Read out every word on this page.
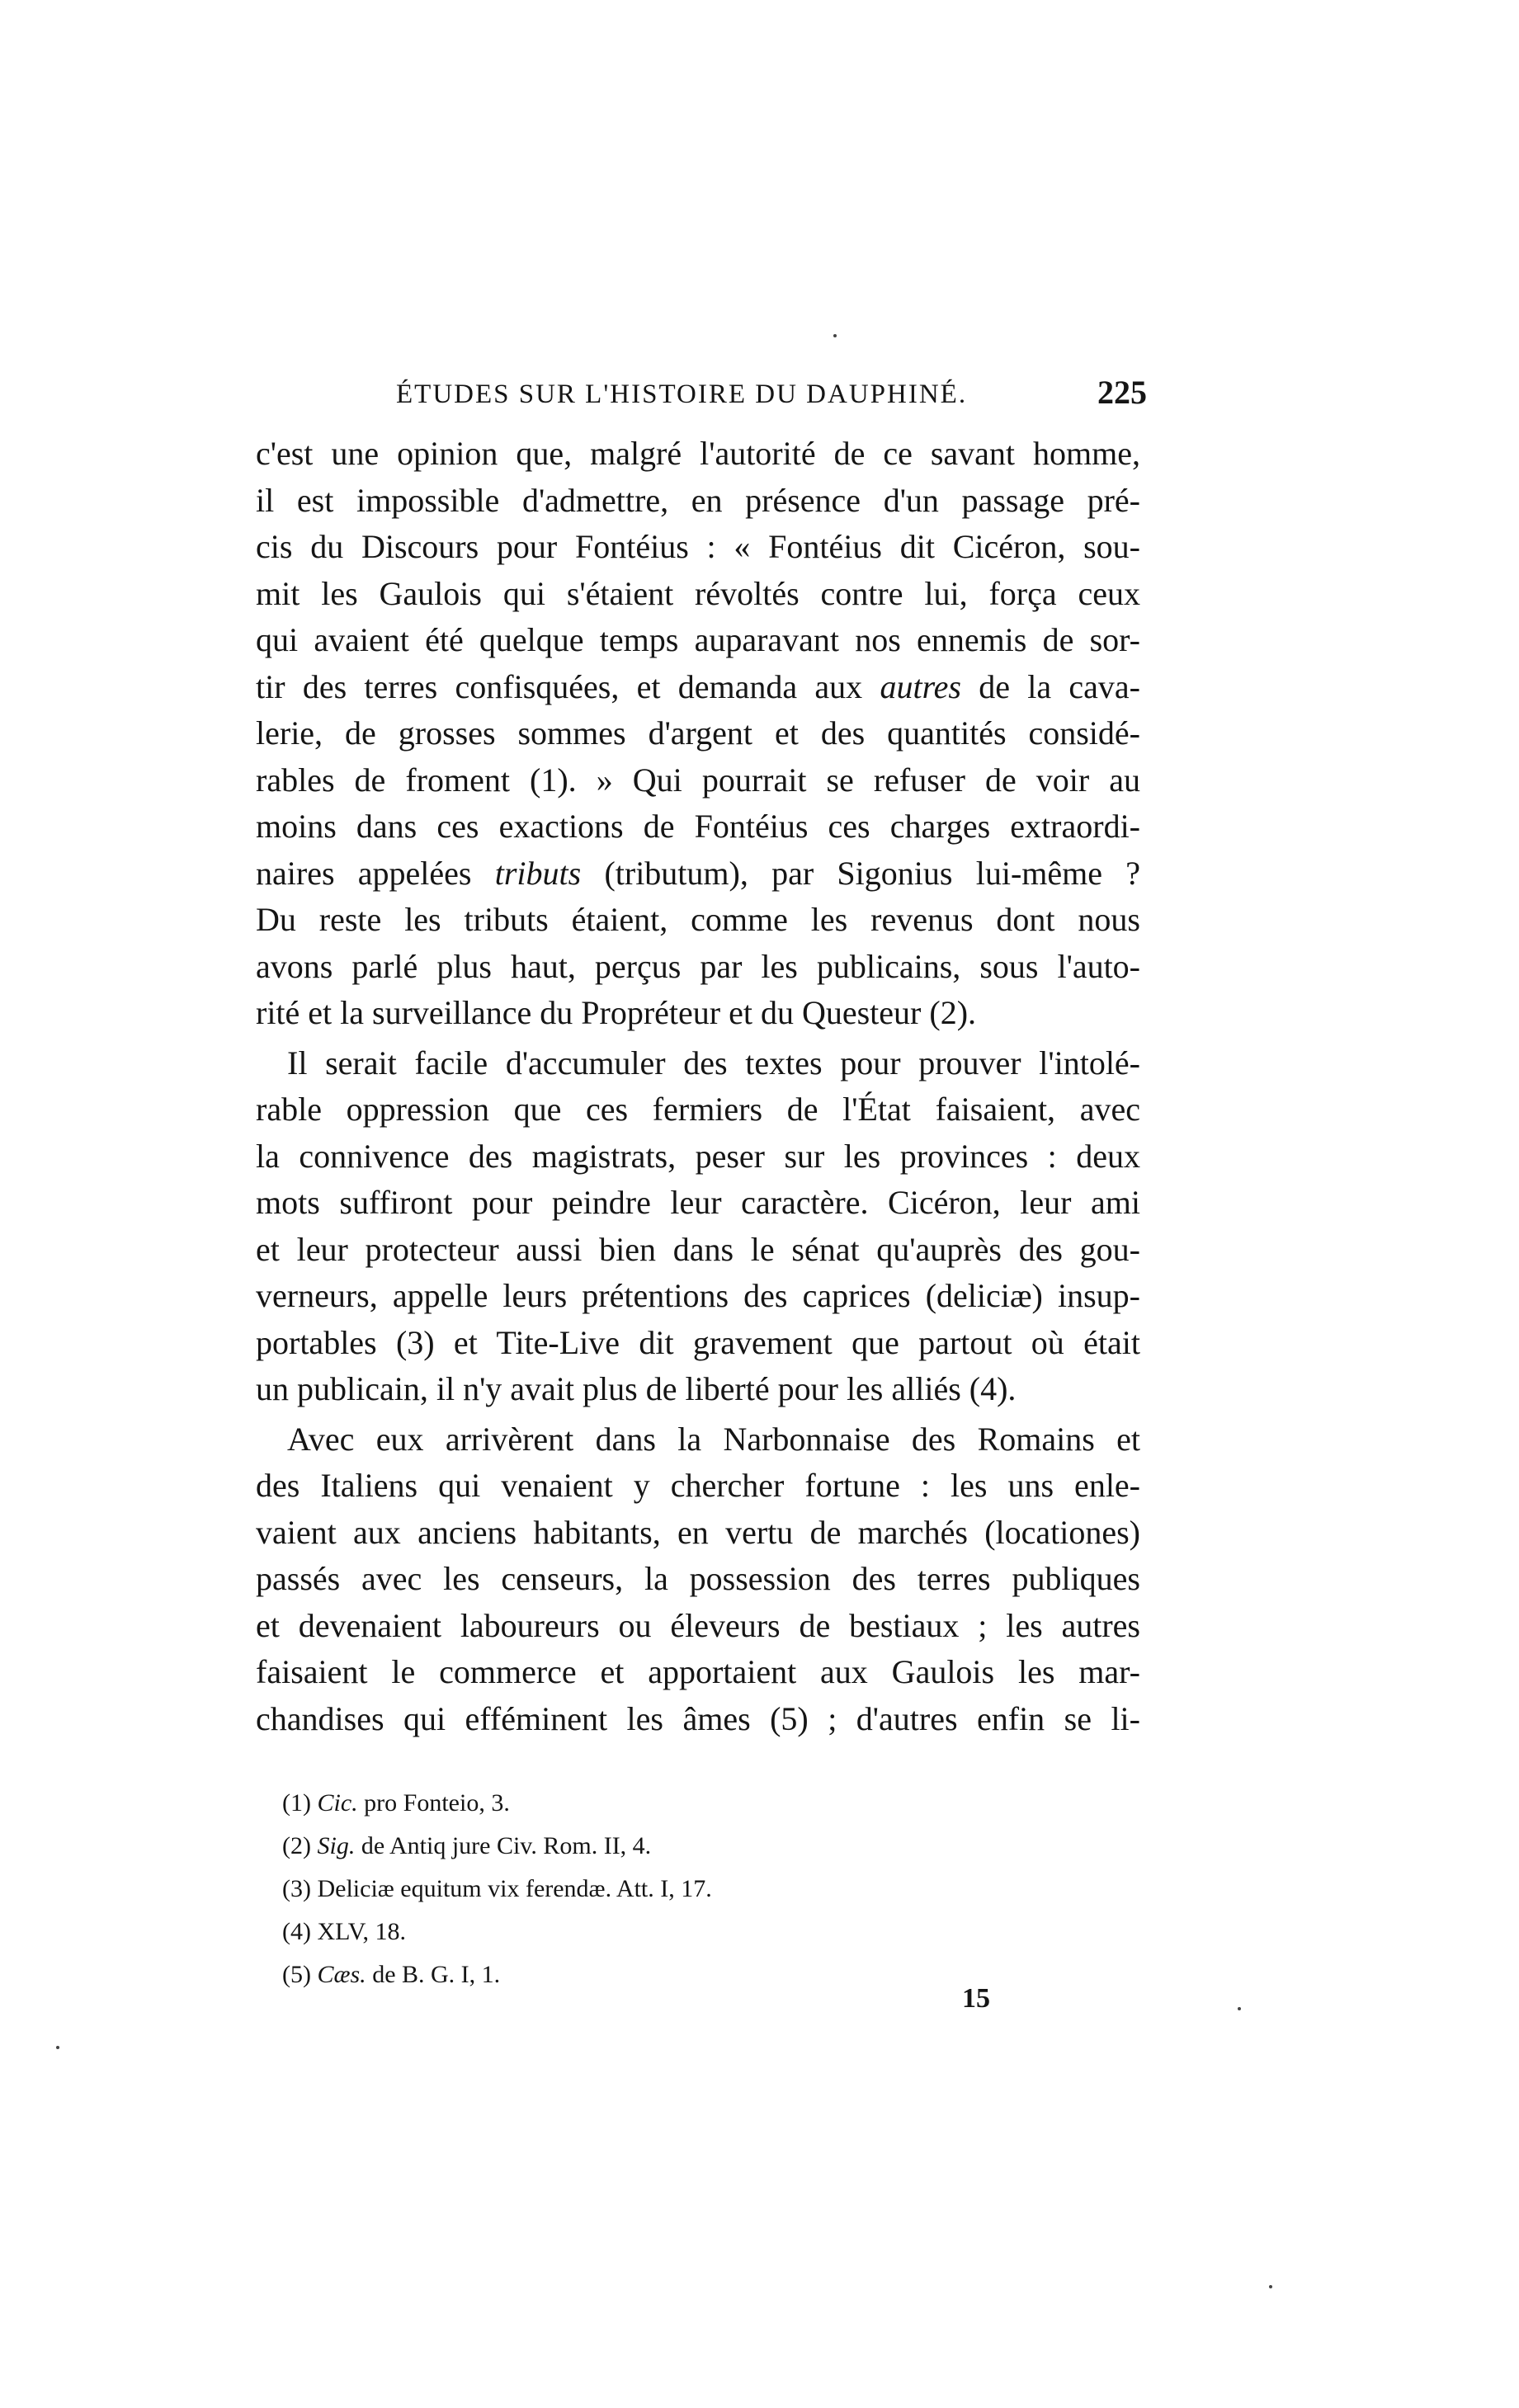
ÉTUDES SUR L'HISTOIRE DU DAUPHINÉ.	225
c'est une opinion que, malgré l'autorité de ce savant homme,
il est impossible d'admettre, en présence d'un passage pré-
cis du Discours pour Fontéius : « Fontéius dit Cicéron, sou-
mit les Gaulois qui s'étaient révoltés contre lui, força ceux
qui avaient été quelque temps auparavant nos ennemis de sor-
tir des terres confisquées, et demanda aux autres de la cava-
lerie, de grosses sommes d'argent et des quantités considé-
rables de froment (1). » Qui pourrait se refuser de voir au
moins dans ces exactions de Fontéius ces charges extraordi-
naires appelées tributs (tributum), par Sigonius lui-même ?
Du reste les tributs étaient, comme les revenus dont nous
avons parlé plus haut, perçus par les publicains, sous l'auto-
rité et la surveillance du Propréteur et du Questeur (2).
Il serait facile d'accumuler des textes pour prouver l'intolé-
rable oppression que ces fermiers de l'État faisaient, avec
la connivence des magistrats, peser sur les provinces : deux
mots suffiront pour peindre leur caractère. Cicéron, leur ami
et leur protecteur aussi bien dans le sénat qu'auprès des gou-
verneurs, appelle leurs prétentions des caprices (deliciæ) insup-
portables (3) et Tite-Live dit gravement que partout où était
un publicain, il n'y avait plus de liberté pour les alliés (4).
Avec eux arrivèrent dans la Narbonnaise des Romains et
des Italiens qui venaient y chercher fortune : les uns enle-
vaient aux anciens habitants, en vertu de marchés (locationes)
passés avec les censeurs, la possession des terres publiques
et devenaient laboureurs ou éleveurs de bestiaux ; les autres
faisaient le commerce et apportaient aux Gaulois les mar-
chandises qui efféminent les âmes (5) ; d'autres enfin se li-
(1) Cic. pro Fonteio, 3.
(2) Sig. de Antiq jure Civ. Rom. II, 4.
(3) Deliciæ equitum vix ferendæ. Att. I, 17.
(4) XLV, 18.
(5) Cæs. de B. G. I, 1.
15
